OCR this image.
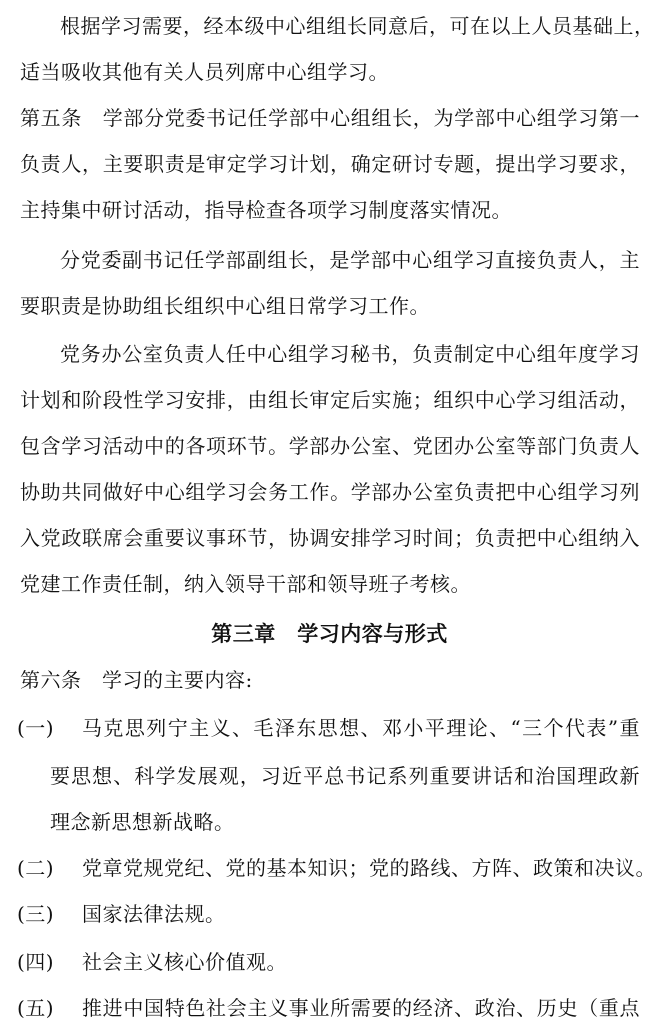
根据学习需要，经本级中心组组长同意后，可在以上人员基础上，
适当吸收其他有关人员列席中心组学习。
第五条　学部分党委书记任学部中心组组长，为学部中心组学习第一
负责人，主要职责是审定学习计划，确定研讨专题，提出学习要求，
主持集中研讨活动，指导检查各项学习制度落实情况。
分党委副书记任学部副组长，是学部中心组学习直接负责人，主
要职责是协助组长组织中心组日常学习工作。
党务办公室负责人任中心组学习秘书，负责制定中心组年度学习
计划和阶段性学习安排，由组长审定后实施；组织中心学习组活动，
包含学习活动中的各项环节。学部办公室、党团办公室等部门负责人
协助共同做好中心组学习会务工作。学部办公室负责把中心组学习列
入党政联席会重要议事环节，协调安排学习时间；负责把中心组纳入
党建工作责任制，纳入领导干部和领导班子考核。
第三章　学习内容与形式
第六条　学习的主要内容:
(一) 马克思列宁主义、毛泽东思想、邓小平理论、“三个代表”重
要思想、科学发展观，习近平总书记系列重要讲话和治国理政新
理念新思想新战略。
(二) 党章党规党纪、党的基本知识；党的路线、方阵、政策和决议。
(三) 国家法律法规。
(四) 社会主义核心价值观。
(五) 推进中国特色社会主义事业所需要的经济、政治、历史（重点
